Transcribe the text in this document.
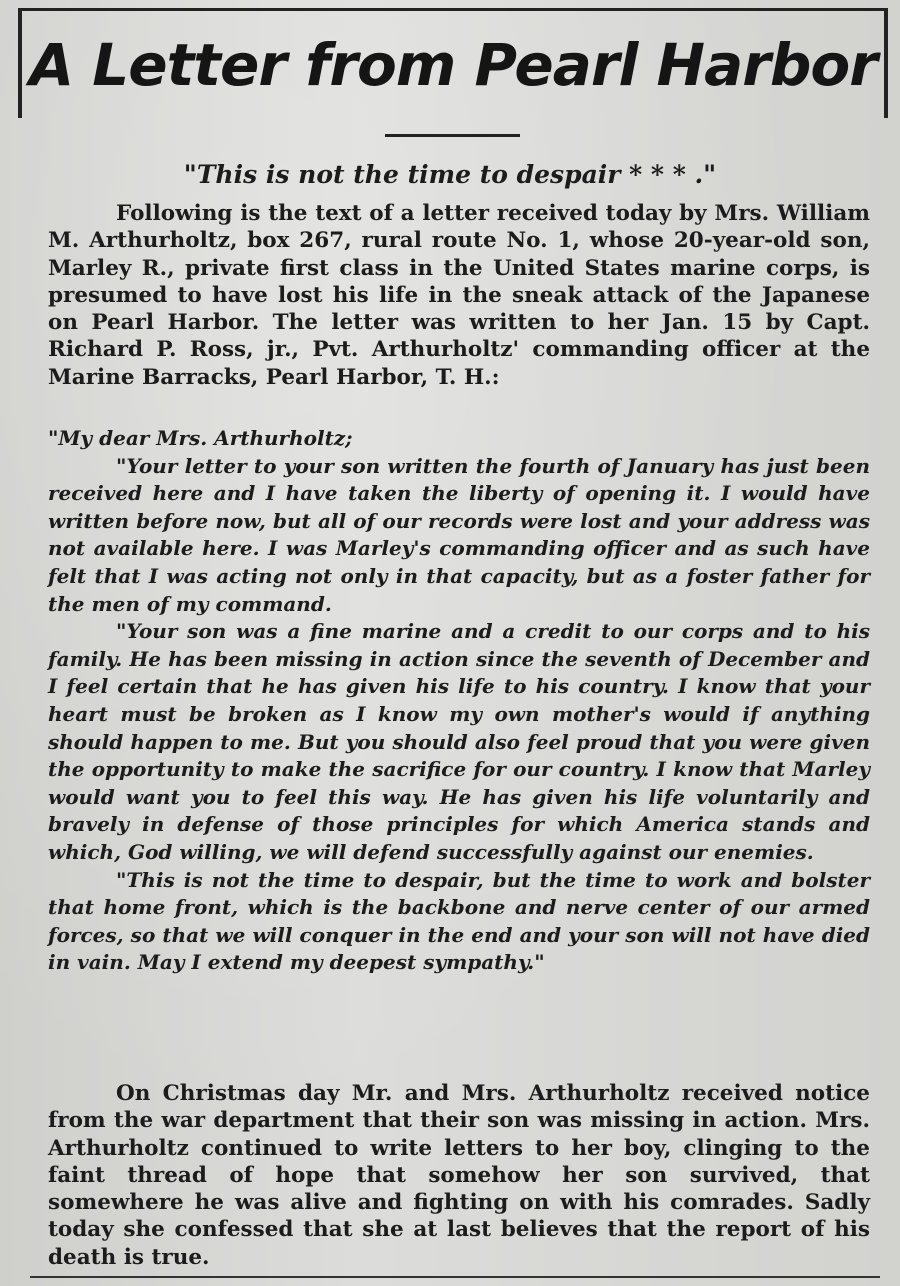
A Letter from Pearl Harbor
"This is not the time to despair * * * ."

Following is the text of a letter received today by Mrs. William M. Arthurholtz, box 267, rural route No. 1, whose 20-year-old son, Marley R., private first class in the United States marine corps, is presumed to have lost his life in the sneak attack of the Japanese on Pearl Harbor. The letter was written to her Jan. 15 by Capt. Richard P. Ross, jr., Pvt. Arthurholtz' commanding officer at the Marine Barracks, Pearl Harbor, T. H.:

"My dear Mrs. Arthurholtz;

"Your letter to your son written the fourth of January has just been received here and I have taken the liberty of opening it. I would have written before now, but all of our records were lost and your address was not available here. I was Marley's commanding officer and as such have felt that I was acting not only in that capacity, but as a foster father for the men of my command.

"Your son was a fine marine and a credit to our corps and to his family. He has been missing in action since the seventh of December and I feel certain that he has given his life to his country. I know that your heart must be broken as I know my own mother's would if anything should happen to me. But you should also feel proud that you were given the opportunity to make the sacrifice for our country. I know that Marley would want you to feel this way. He has given his life voluntarily and bravely in defense of those principles for which America stands and which, God willing, we will defend successfully against our enemies.

"This is not the time to despair, but the time to work and bolster that home front, which is the backbone and nerve center of our armed forces, so that we will conquer in the end and your son will not have died in vain. May I extend my deepest sympathy."

On Christmas day Mr. and Mrs. Arthurholtz received notice from the war department that their son was missing in action. Mrs. Arthurholtz continued to write letters to her boy, clinging to the faint thread of hope that somehow her son survived, that somewhere he was alive and fighting on with his comrades. Sadly today she confessed that she at last believes that the report of his death is true.
